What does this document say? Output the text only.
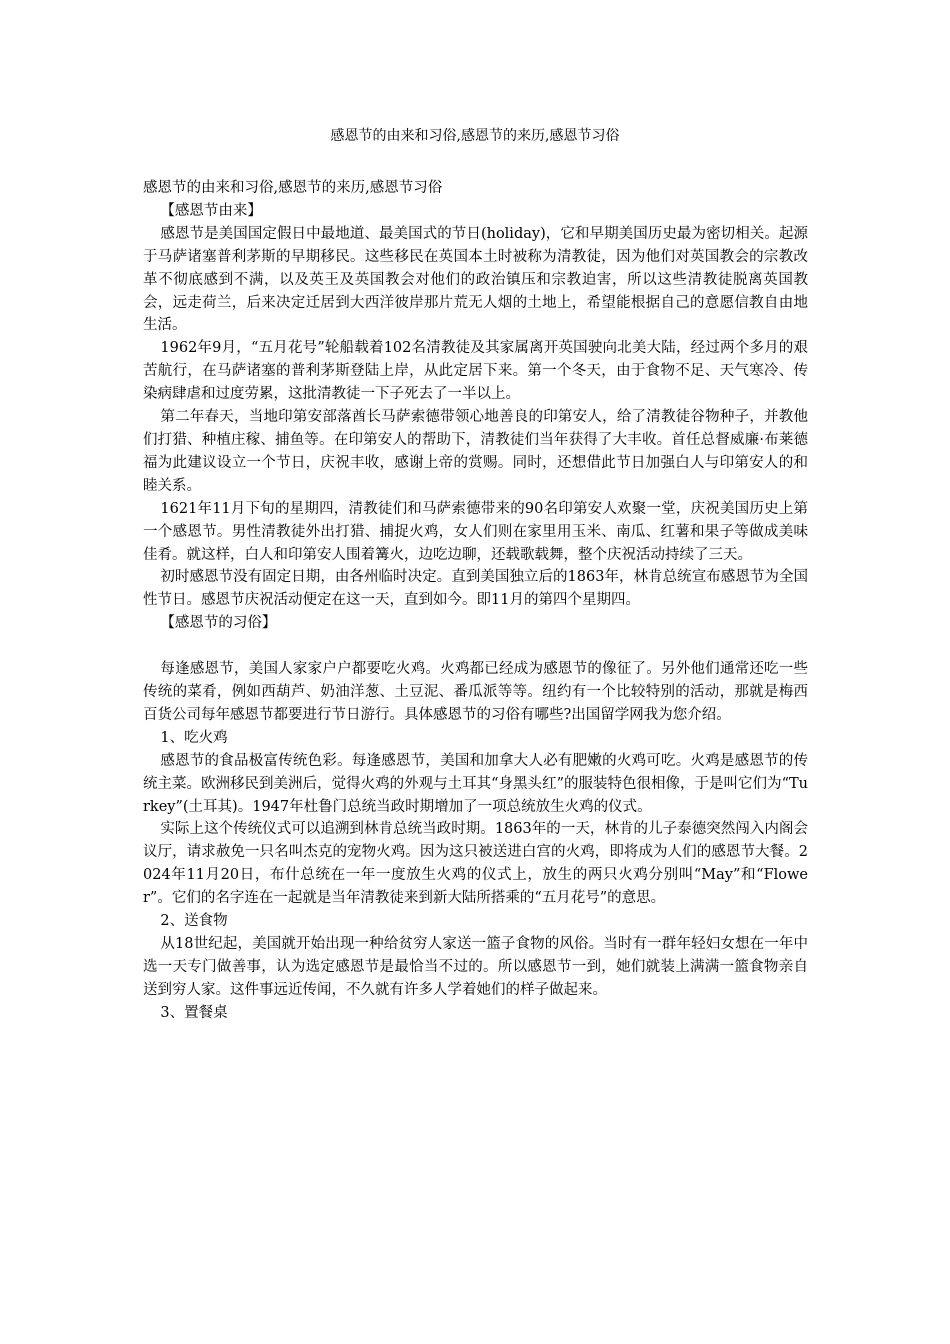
感恩节的由来和习俗,感恩节的来历,感恩节习俗

感恩节的由来和习俗,感恩节的来历,感恩节习俗

【感恩节由来】

感恩节是美国国定假日中最地道、最美国式的节日(holiday)，它和早期美国历史最为密切相关。起源于马萨诸塞普利茅斯的早期移民。这些移民在英国本土时被称为清教徒，因为他们对英国教会的宗教改革不彻底感到不满，以及英王及英国教会对他们的政治镇压和宗教迫害，所以这些清教徒脱离英国教会，远走荷兰，后来决定迁居到大西洋彼岸那片荒无人烟的土地上，希望能根据自己的意愿信教自由地生活。

1962年9月，“五月花号”轮船载着102名清教徒及其家属离开英国驶向北美大陆，经过两个多月的艰苦航行，在马萨诸塞的普利茅斯登陆上岸，从此定居下来。第一个冬天，由于食物不足、天气寒冷、传染病肆虐和过度劳累，这批清教徒一下子死去了一半以上。

第二年春天，当地印第安部落酋长马萨索德带领心地善良的印第安人，给了清教徒谷物种子，并教他们打猎、种植庄稼、捕鱼等。在印第安人的帮助下，清教徒们当年获得了大丰收。首任总督威廉·布莱德福为此建议设立一个节日，庆祝丰收，感谢上帝的赏赐。同时，还想借此节日加强白人与印第安人的和睦关系。

1621年11月下旬的星期四，清教徒们和马萨索德带来的90名印第安人欢聚一堂，庆祝美国历史上第一个感恩节。男性清教徒外出打猎、捕捉火鸡，女人们则在家里用玉米、南瓜、红薯和果子等做成美味佳肴。就这样，白人和印第安人围着篝火，边吃边聊，还载歌载舞，整个庆祝活动持续了三天。

初时感恩节没有固定日期，由各州临时决定。直到美国独立后的1863年，林肯总统宣布感恩节为全国性节日。感恩节庆祝活动便定在这一天，直到如今。即11月的第四个星期四。

【感恩节的习俗】

每逢感恩节，美国人家家户户都要吃火鸡。火鸡都已经成为感恩节的像征了。另外他们通常还吃一些传统的菜肴，例如西葫芦、奶油洋葱、土豆泥、番瓜派等等。纽约有一个比较特别的活动，那就是梅西百货公司每年感恩节都要进行节日游行。具体感恩节的习俗有哪些?出国留学网我为您介绍。

1、吃火鸡

感恩节的食品极富传统色彩。每逢感恩节，美国和加拿大人必有肥嫩的火鸡可吃。火鸡是感恩节的传统主菜。欧洲移民到美洲后，觉得火鸡的外观与土耳其“身黑头红”的服装特色很相像，于是叫它们为“Turkey”(土耳其)。1947年杜鲁门总统当政时期增加了一项总统放生火鸡的仪式。

实际上这个传统仪式可以追溯到林肯总统当政时期。1863年的一天，林肯的儿子泰德突然闯入内阁会议厅，请求赦免一只名叫杰克的宠物火鸡。因为这只被送进白宫的火鸡，即将成为人们的感恩节大餐。2024年11月20日，布什总统在一年一度放生火鸡的仪式上，放生的两只火鸡分别叫“May”和“Flower”。它们的名字连在一起就是当年清教徒来到新大陆所搭乘的“五月花号”的意思。

2、送食物

从18世纪起，美国就开始出现一种给贫穷人家送一篮子食物的风俗。当时有一群年轻妇女想在一年中选一天专门做善事，认为选定感恩节是最恰当不过的。所以感恩节一到，她们就装上满满一篮食物亲自送到穷人家。这件事远近传闻，不久就有许多人学着她们的样子做起来。

3、置餐桌
